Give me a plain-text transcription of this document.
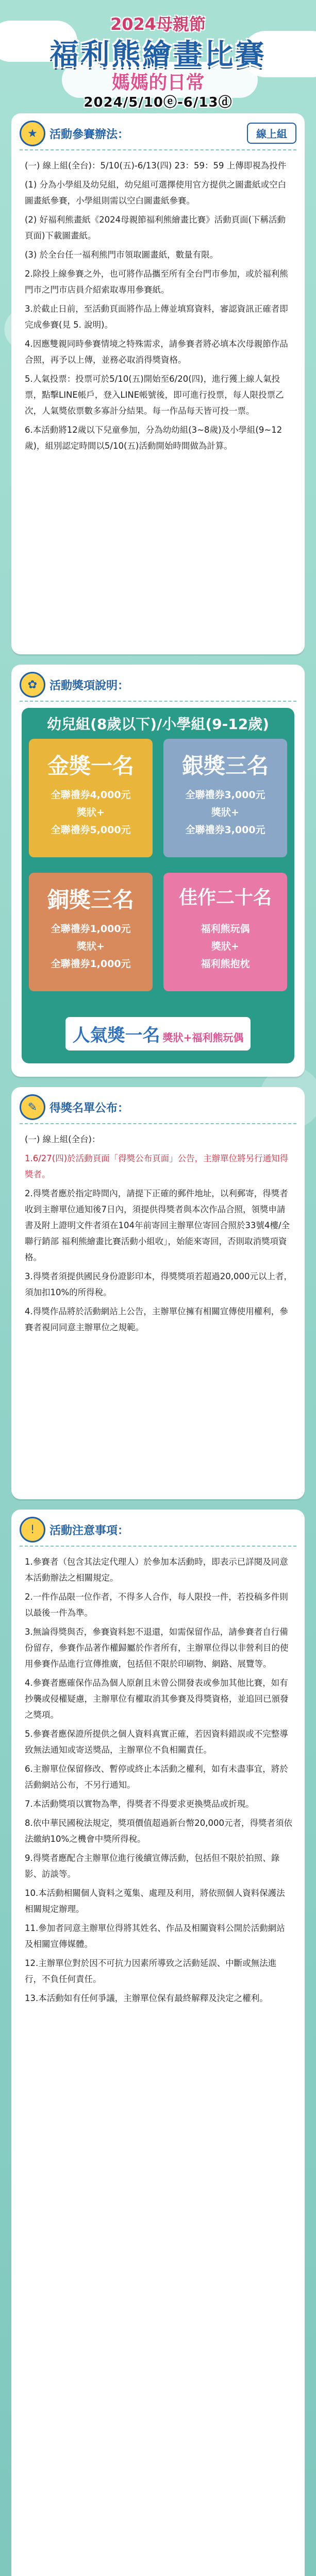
2024母親節
福利熊繪畫比賽
媽媽的日常
2024/5/10ⓔ-6/13ⓓ
★	活動參賽辦法：	線上組
(一) 線上組(全台)：5/10(五)-6/13(四) 23：59：59 上傳即視為投件
(1) 分為小學組及幼兒組，幼兒組可選擇使用官方提供之圖畫紙或空白圖畫紙參賽，小學組則需以空白圖畫紙參賽。
(2) 好福利熊畫紙《2024母親節福利熊繪畫比賽》活動頁面(下稱活動頁面)下載圖畫紙。
(3) 於全台任一福利熊門市領取圖畫紙，數量有限。
2.除投上線參賽之外，也可將作品攜至所有全台門市參加，或於福利熊門市之門市店員介紹索取專用參賽紙。
3.於截止日前，至活動頁面將作品上傳並填寫資料，審認資訊正確者即完成參賽(見 5. 說明)。
4.因應雙親同時參賽情境之特殊需求，請參賽者將必填本次母親節作品合照，再予以上傳，並務必取消得獎資格。
5.人氣投票：投票可於5/10(五)開始至6/20(四)，進行獲上線人氣投票，點擊LINE帳戶，登入LINE帳號後，即可進行投票，每人限投票乙次，人氣獎依票數多寡計分結果。每一作品每天皆可投一票。
6.本活動將12歲以下兒童參加，分為幼幼組(3~8歲)及小學組(9~12歲)，組別認定時間以5/10(五)活動開始時間做為計算。
✿	活動獎項說明：
幼兒組(8歲以下)/小學組(9-12歲)
金獎一名
全聯禮券4,000元
獎狀+
全聯禮券5,000元
銀獎三名
全聯禮券3,000元
獎狀+
全聯禮券3,000元
銅獎三名
全聯禮券1,000元
獎狀+
全聯禮券1,000元
佳作二十名
福利熊玩偶
獎狀+
福利熊抱枕
人氣獎一名 獎狀+福利熊玩偶
✎	得獎名單公布：
(一) 線上組(全台)：
1.6/27(四)於活動頁面「得獎公布頁面」公告，主辦單位將另行通知得獎者。
2.得獎者應於指定時間內，請提下正確的郵件地址，以利郵寄，得獎者收到主辦單位通知後7日內，須提供得獎者與本次作品合照，領獎申請書及附上證明文件者須在104年前寄回主辦單位寄回合照於33號4樓/全聯行銷部 福利熊繪畫比賽活動小組收」，始能來寄回，否則取消獎項資格。
3.得獎者須提供國民身份證影印本，得獎獎項若超過20,000元以上者，須加扣10%的所得稅。
4.得獎作品將於活動網站上公告，主辦單位擁有相關宣傳使用權利，參賽者視同同意主辦單位之規範。
!	活動注意事項：
1.參賽者（包含其法定代理人）於參加本活動時，即表示已詳閱及同意本活動辦法之相關規定。
2.一件作品限一位作者，不得多人合作，每人限投一件，若投稿多件則以最後一件為準。
3.無論得獎與否，參賽資料恕不退還，如需保留作品，請參賽者自行備份留存，參賽作品著作權歸屬於作者所有，主辦單位得以非營利目的使用參賽作品進行宣傳推廣，包括但不限於印刷物、網路、展覽等。
4.參賽者應確保作品為個人原創且未曾公開發表或參加其他比賽，如有抄襲或侵權疑慮，主辦單位有權取消其參賽及得獎資格，並追回已頒發之獎項。
5.參賽者應保證所提供之個人資料真實正確，若因資料錯誤或不完整導致無法通知或寄送獎品，主辦單位不負相關責任。
6.主辦單位保留修改、暫停或終止本活動之權利，如有未盡事宜，將於活動網站公布，不另行通知。
7.本活動獎項以實物為準，得獎者不得要求更換獎品或折現。
8.依中華民國稅法規定，獎項價值超過新台幣20,000元者，得獎者須依法繳納10%之機會中獎所得稅。
9.得獎者應配合主辦單位進行後續宣傳活動，包括但不限於拍照、錄影、訪談等。
10.本活動相關個人資料之蒐集、處理及利用，將依照個人資料保護法相關規定辦理。
11.參加者同意主辦單位得將其姓名、作品及相關資料公開於活動網站及相關宣傳媒體。
12.主辦單位對於因不可抗力因素所導致之活動延誤、中斷或無法進行，不負任何責任。
13.本活動如有任何爭議，主辦單位保有最終解釋及決定之權利。
